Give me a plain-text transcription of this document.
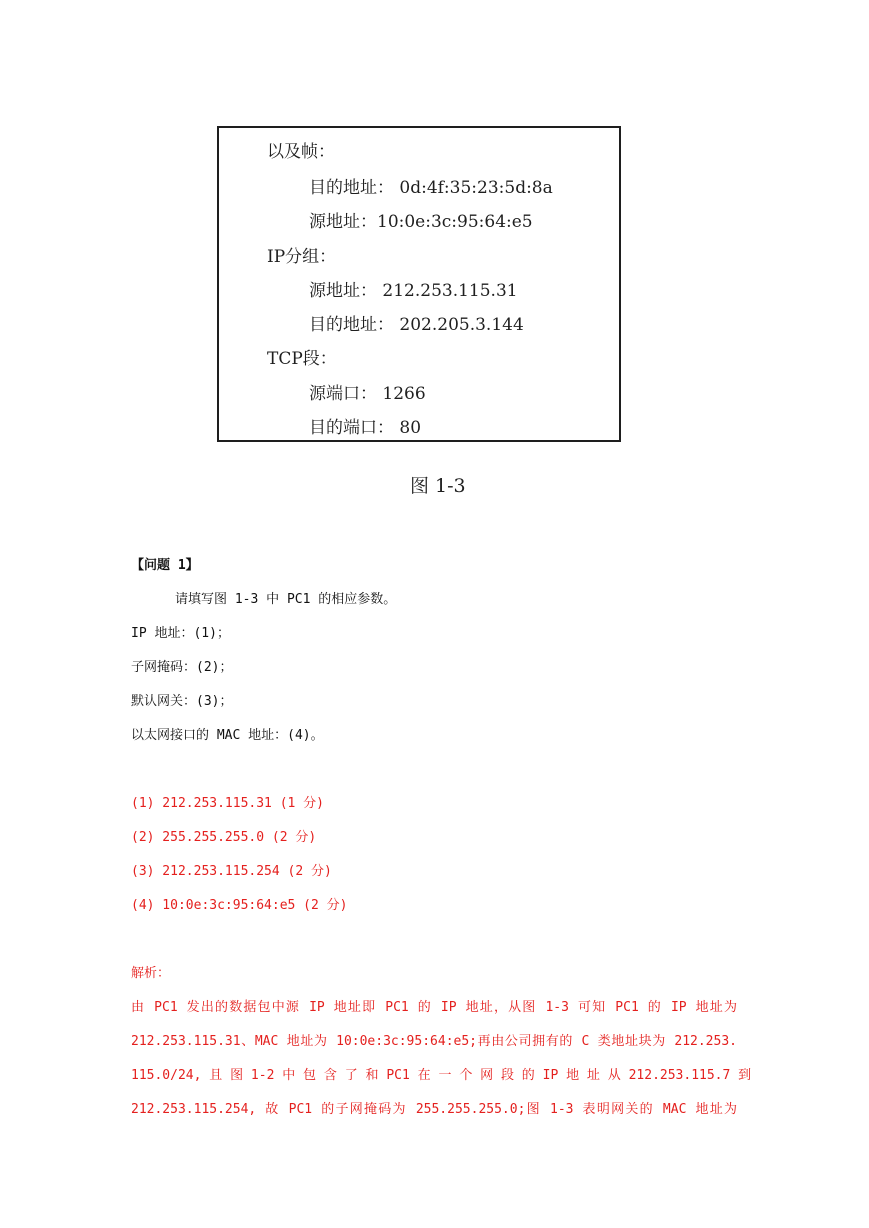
以及帧：
目的地址： 0d:4f:35:23:5d:8a
源地址：10:0e:3c:95:64:e5
IP分组：
源地址： 212.253.115.31
目的地址： 202.205.3.144
TCP段：
源端口： 1266
目的端口： 80
图 1-3
【问题 1】
请填写图 1-3 中 PC1 的相应参数。
IP 地址：(1)；
子网掩码：(2)；
默认网关：(3)；
以太网接口的 MAC 地址：(4)。
(1) 212.253.115.31 (1 分)
(2) 255.255.255.0 (2 分)
(3) 212.253.115.254 (2 分)
(4) 10:0e:3c:95:64:e5 (2 分)
解析：
由 PC1 发出的数据包中源 IP 地址即 PC1 的 IP 地址，从图 1-3 可知 PC1 的 IP 地址为
212.253.115.31、MAC 地址为 10:0e:3c:95:64:e5;再由公司拥有的 C 类地址块为 212.253.
115.0/24, 且 图 1-2 中 包 含 了 和 PC1 在 一 个 网 段 的 IP 地 址 从 212.253.115.7 到
212.253.115.254, 故 PC1 的子网掩码为 255.255.255.0;图 1-3 表明网关的 MAC 地址为
